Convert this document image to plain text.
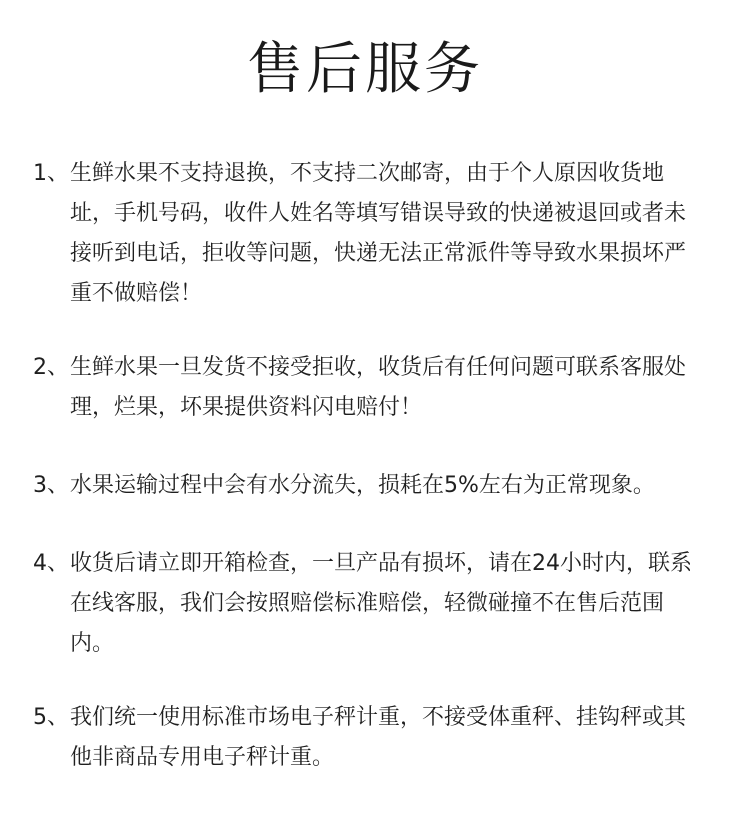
售后服务
1、 生鲜水果不支持退换，不支持二次邮寄，由于个人原因收货地址，手机号码，收件人姓名等填写错误导致的快递被退回或者未接听到电话，拒收等问题，快递无法正常派件等导致水果损坏严重不做赔偿！
2、 生鲜水果一旦发货不接受拒收，收货后有任何问题可联系客服处理，烂果，坏果提供资料闪电赔付！
3、 水果运输过程中会有水分流失，损耗在5%左右为正常现象。
4、 收货后请立即开箱检查，一旦产品有损坏，请在24小时内，联系在线客服，我们会按照赔偿标准赔偿，轻微碰撞不在售后范围内。
5、 我们统一使用标准市场电子秤计重，不接受体重秤、挂钩秤或其他非商品专用电子秤计重。
